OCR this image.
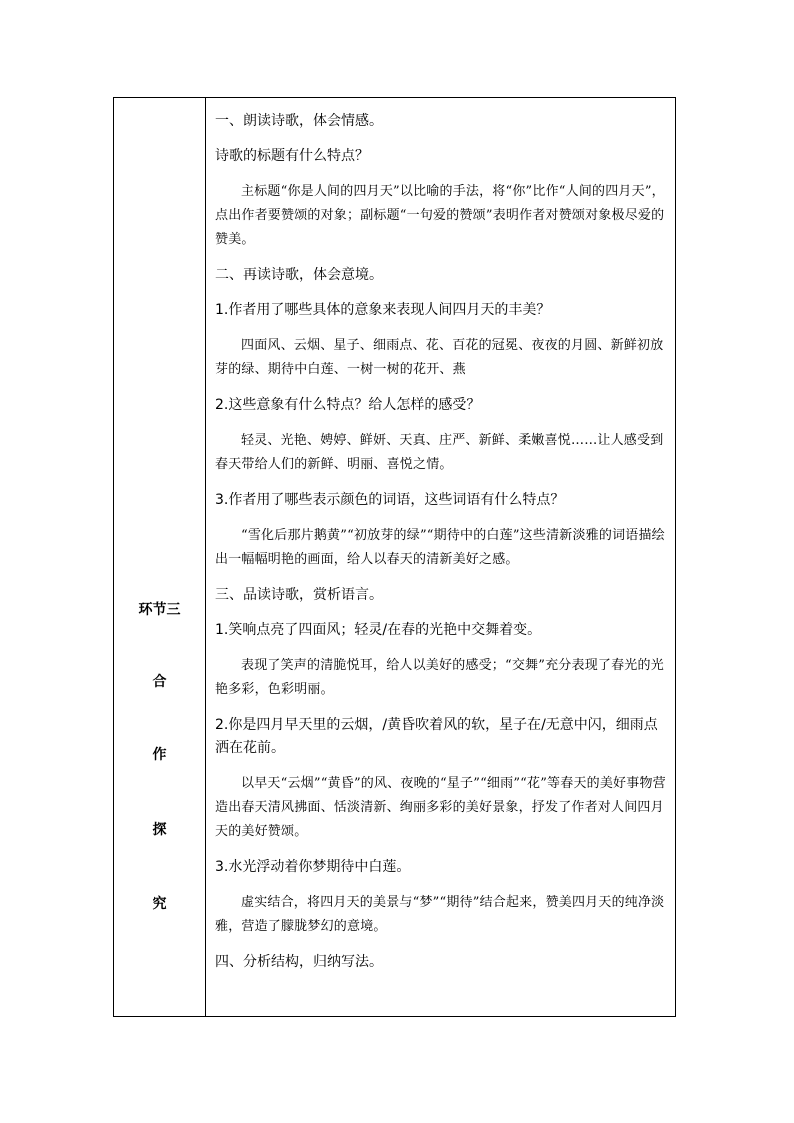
环节三
合
作
探
究

一、朗读诗歌，体会情感。

诗歌的标题有什么特点？

主标题“你是人间的四月天”以比喻的手法，将“你”比作“人间的四月天”，点出作者要赞颂的对象；副标题“一句爱的赞颂”表明作者对赞颂对象极尽爱的赞美。

二、再读诗歌，体会意境。

1.作者用了哪些具体的意象来表现人间四月天的丰美？

四面风、云烟、星子、细雨点、花、百花的冠冕、夜夜的月圆、新鲜初放芽的绿、期待中白莲、一树一树的花开、燕

2.这些意象有什么特点？给人怎样的感受？

轻灵、光艳、娉婷、鲜妍、天真、庄严、新鲜、柔嫩喜悦……让人感受到春天带给人们的新鲜、明丽、喜悦之情。

3.作者用了哪些表示颜色的词语，这些词语有什么特点？

“雪化后那片鹅黄”“初放芽的绿”“期待中的白莲”这些清新淡雅的词语描绘出一幅幅明艳的画面，给人以春天的清新美好之感。

三、品读诗歌，赏析语言。

1.笑响点亮了四面风；轻灵/在春的光艳中交舞着变。

表现了笑声的清脆悦耳，给人以美好的感受；“交舞”充分表现了春光的光艳多彩，色彩明丽。

2.你是四月早天里的云烟，/黄昏吹着风的软，星子在/无意中闪，细雨点洒在花前。

以早天“云烟”“黄昏”的风、夜晚的“星子”“细雨”“花”等春天的美好事物营造出春天清风拂面、恬淡清新、绚丽多彩的美好景象，抒发了作者对人间四月天的美好赞颂。

3.水光浮动着你梦期待中白莲。

虚实结合，将四月天的美景与“梦”“期待”结合起来，赞美四月天的纯净淡雅，营造了朦胧梦幻的意境。

四、分析结构，归纳写法。
